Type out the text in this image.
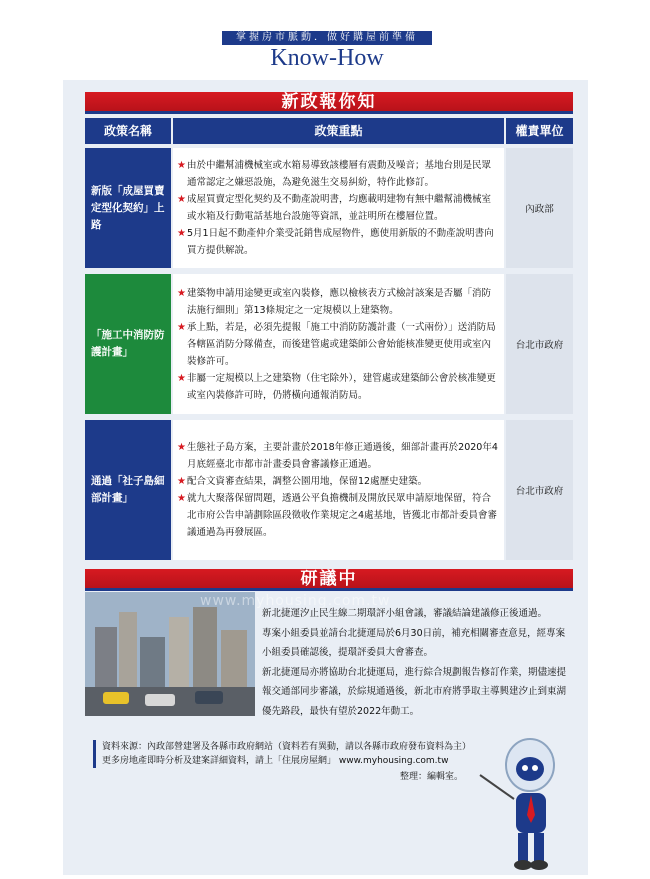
掌握房市脈動．做好購屋前準備
Know-How
新政報你知
政策名稱	政策重點	權責單位
新版「成屋買賣定型化契約」上路
★ 由於中繼幫浦機械室或水箱易導致該樓層有震動及噪音；基地台則是民眾通常認定之嫌惡設施，為避免滋生交易糾紛，特作此修訂。
★ 成屋買賣定型化契約及不動產說明書，均應載明建物有無中繼幫浦機械室或水箱及行動電話基地台設施等資訊，並註明所在樓層位置。
★ 5月1日起不動產仲介業受託銷售成屋物件，應使用新版的不動產說明書向買方提供解說。
內政部
「施工中消防防護計畫」
★ 建築物申請用途變更或室內裝修，應以檢核表方式檢討該案是否屬「消防法施行細則」第13條規定之一定規模以上建築物。
★ 承上點，若是，必須先提報「施工中消防防護計畫（一式兩份）」送消防局各轄區消防分隊備查，而後建管處或建築師公會始能核准變更使用或室內裝修許可。
★ 非屬一定規模以上之建築物（住宅除外），建管處或建築師公會於核准變更或室內裝修許可時，仍將橫向通報消防局。
台北市政府
通過「社子島細部計畫」
★ 生態社子島方案，主要計畫於2018年修正通過後，細部計畫再於2020年4月底經臺北市都市計畫委員會審議修正通過。
★ 配合文資審查結果，調整公園用地，保留12處歷史建築。
★ 就九大聚落保留問題，透過公平負擔機制及開放民眾申請原地保留，符合北市府公告申請劃除區段徵收作業規定之4處基地，皆獲北市都計委員會審議通過為再發展區。
台北市政府
研議中

新北捷運汐止民生線二期環評小組會議，審議結論建議修正後通過。

專案小組委員並請台北捷運局於6月30日前，補充相關審查意見，經專案小組委員確認後，提環評委員大會審查。

新北捷運局亦將協助台北捷運局，進行綜合規劃報告修訂作業，期儘速提報交通部同步審議，於綜規通過後，新北市府將爭取主導興建汐止到東湖優先路段，最快有望於2022年動工。

www.myhousing.com.tw
資料來源：內政部營建署及各縣市政府網站（資料若有異動，請以各縣市政府發布資料為主）
更多房地產即時分析及建案詳細資料，請上「住展房屋網」 www.myhousing.com.tw
整理：編輯室。
